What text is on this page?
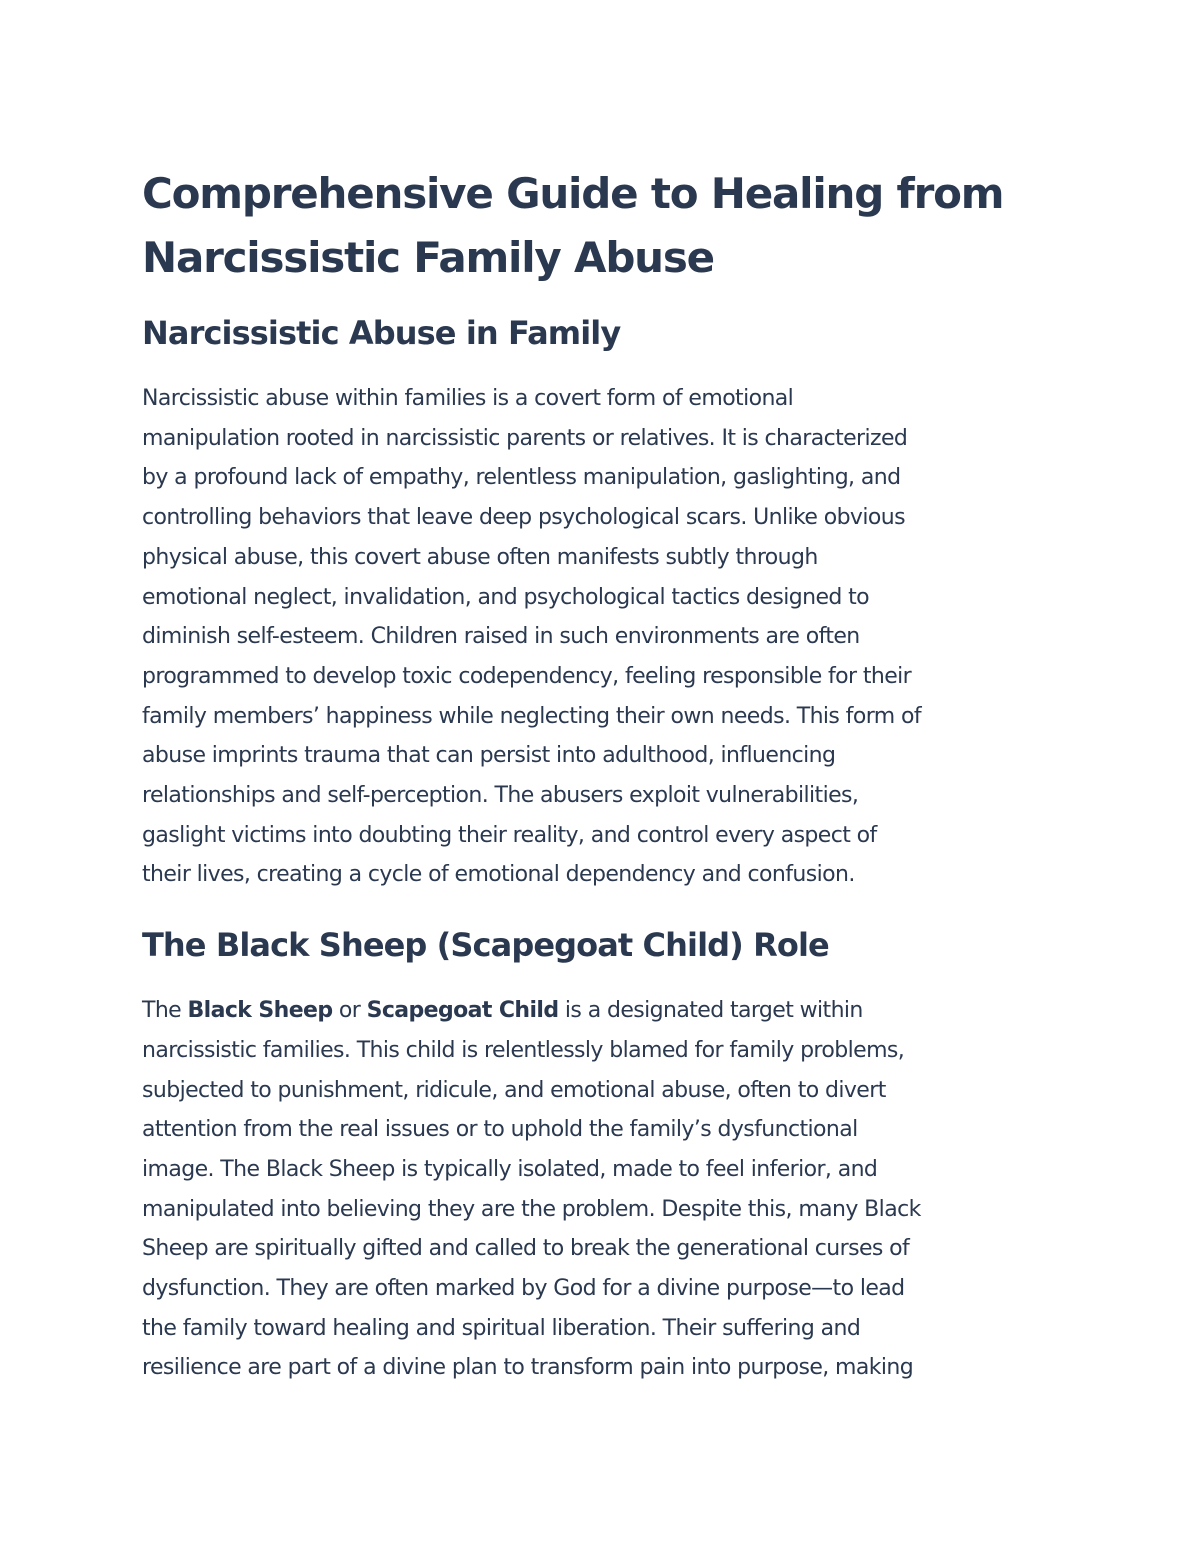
Comprehensive Guide to Healing from
Narcissistic Family Abuse
Narcissistic Abuse in Family

Narcissistic abuse within families is a covert form of emotional
manipulation rooted in narcissistic parents or relatives. It is characterized
by a profound lack of empathy, relentless manipulation, gaslighting, and
controlling behaviors that leave deep psychological scars. Unlike obvious
physical abuse, this covert abuse often manifests subtly through
emotional neglect, invalidation, and psychological tactics designed to
diminish self-esteem. Children raised in such environments are often
programmed to develop toxic codependency, feeling responsible for their
family members’ happiness while neglecting their own needs. This form of
abuse imprints trauma that can persist into adulthood, influencing
relationships and self-perception. The abusers exploit vulnerabilities,
gaslight victims into doubting their reality, and control every aspect of
their lives, creating a cycle of emotional dependency and confusion.

The Black Sheep (Scapegoat Child) Role

The Black Sheep or Scapegoat Child is a designated target within
narcissistic families. This child is relentlessly blamed for family problems,
subjected to punishment, ridicule, and emotional abuse, often to divert
attention from the real issues or to uphold the family’s dysfunctional
image. The Black Sheep is typically isolated, made to feel inferior, and
manipulated into believing they are the problem. Despite this, many Black
Sheep are spiritually gifted and called to break the generational curses of
dysfunction. They are often marked by God for a divine purpose—to lead
the family toward healing and spiritual liberation. Their suffering and
resilience are part of a divine plan to transform pain into purpose, making
